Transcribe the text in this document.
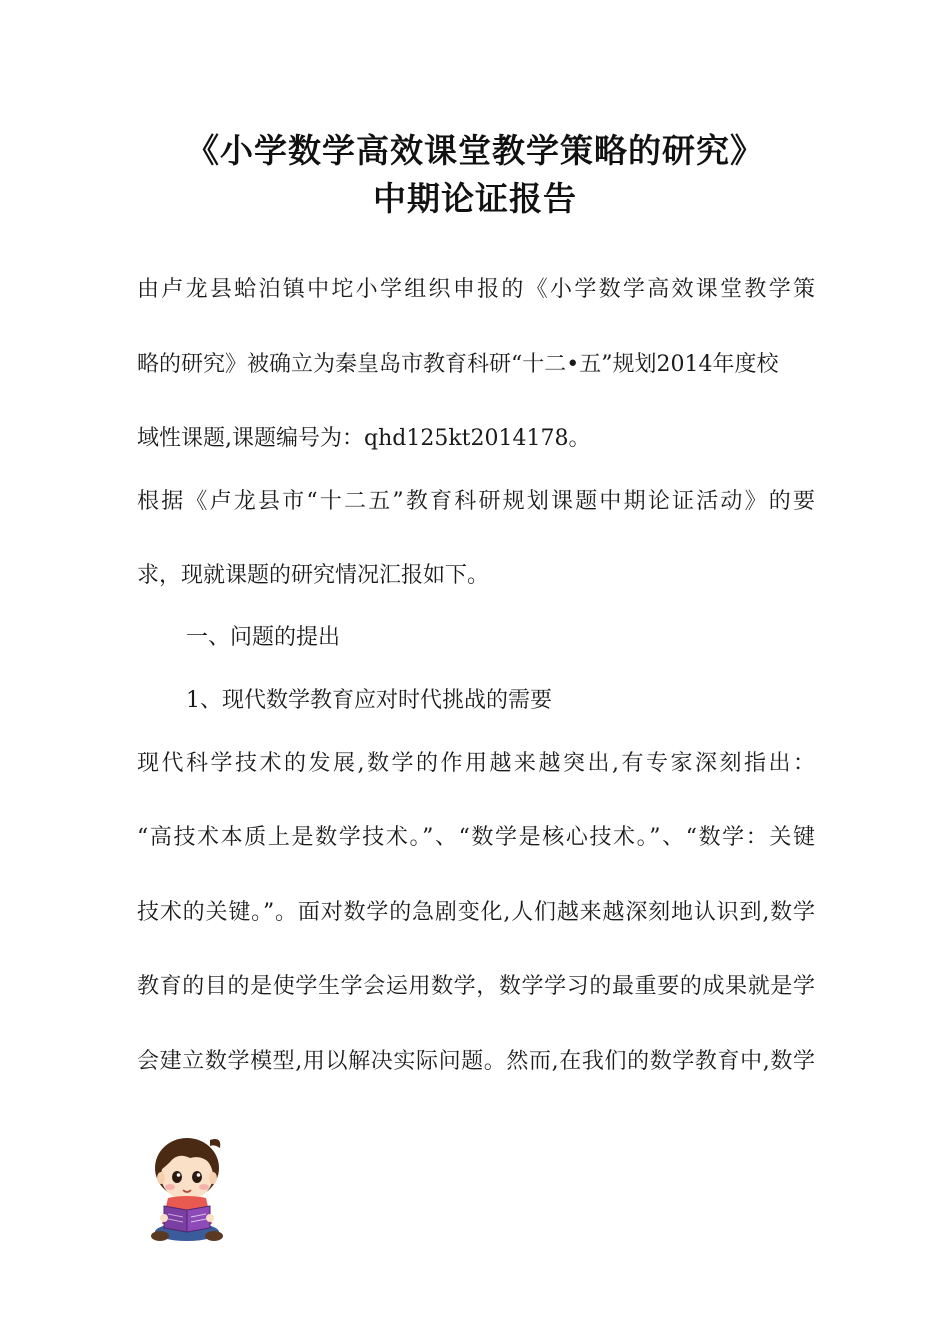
《小学数学高效课堂教学策略的研究》
中期论证报告
由卢龙县蛤泊镇中坨小学组织申报的《小学数学高效课堂教学策
略的研究》被确立为秦皇岛市教育科研“十二•五”规划2014年度校
域性课题,课题编号为：qhd125kt2014178。
根据《卢龙县市“十二五”教育科研规划课题中期论证活动》的要
求，现就课题的研究情况汇报如下。
一、问题的提出
1、现代数学教育应对时代挑战的需要
现代科学技术的发展,数学的作用越来越突出,有专家深刻指出：
“高技术本质上是数学技术。”、“数学是核心技术。”、“数学：关键
技术的关键。”。面对数学的急剧变化,人们越来越深刻地认识到,数学
教育的目的是使学生学会运用数学，数学学习的最重要的成果就是学
会建立数学模型,用以解决实际问题。然而,在我们的数学教育中,数学
